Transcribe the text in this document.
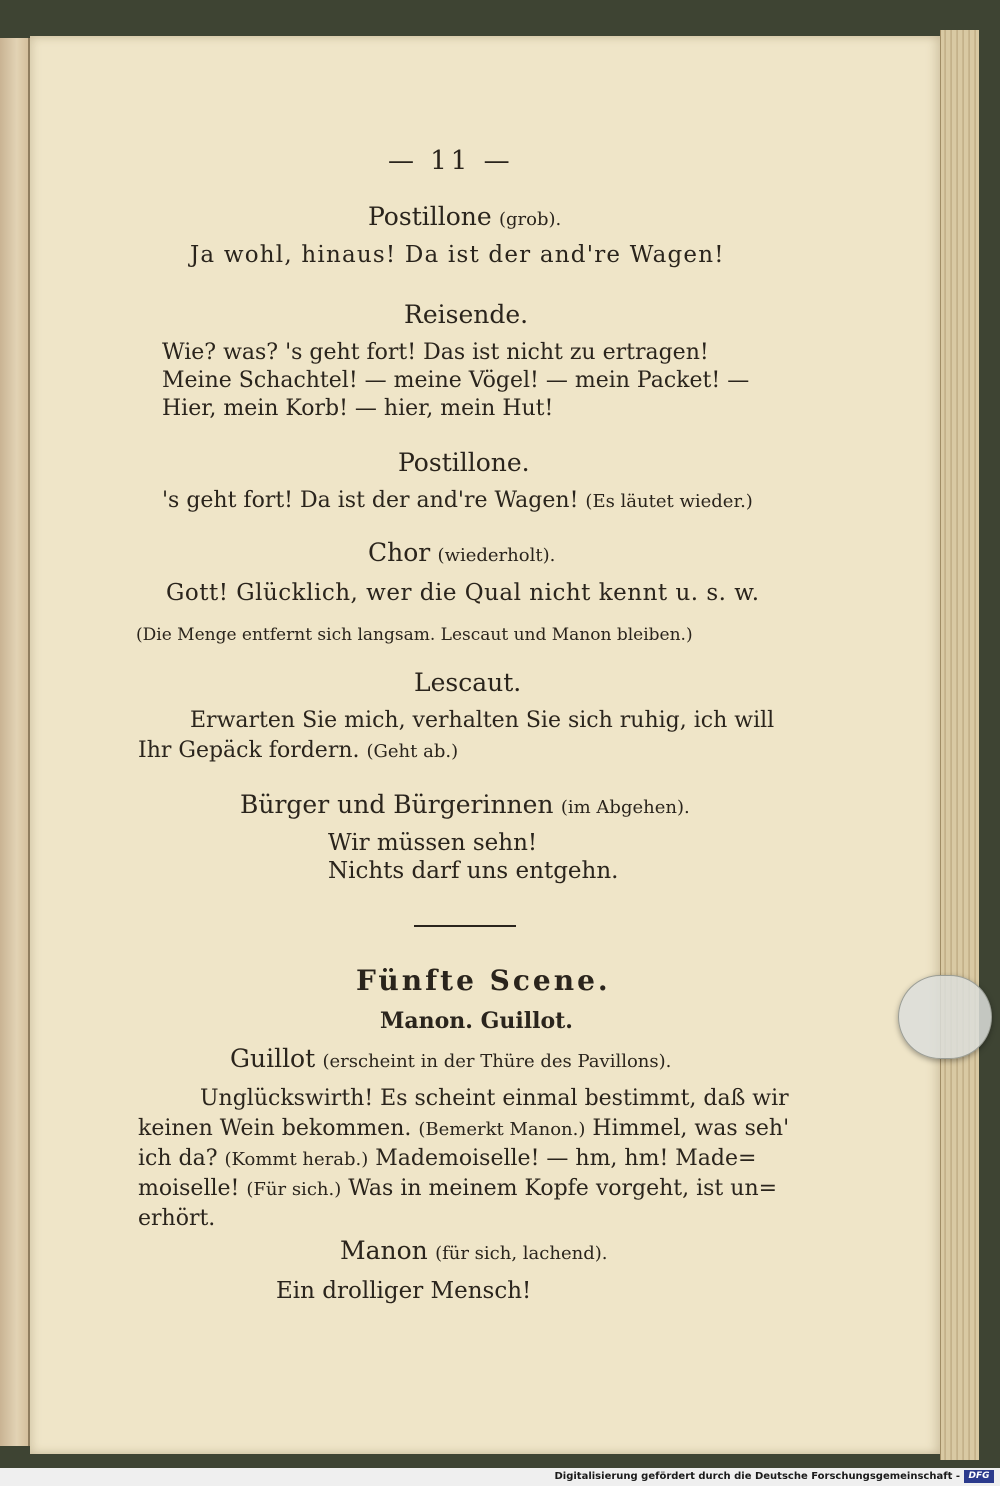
— 11 —
Postillone (grob).
Ja wohl, hinaus! Da ist der and're Wagen!
Reisende.
Wie? was? 's geht fort! Das ist nicht zu ertragen!
Meine Schachtel! — meine Vögel! — mein Packet! —
Hier, mein Korb! — hier, mein Hut!
Postillone.
's geht fort! Da ist der and're Wagen! (Es läutet wieder.)
Chor (wiederholt).
Gott! Glücklich, wer die Qual nicht kennt u. s. w.
(Die Menge entfernt sich langsam. Lescaut und Manon bleiben.)
Lescaut.
Erwarten Sie mich, verhalten Sie sich ruhig, ich will
Ihr Gepäck fordern. (Geht ab.)
Bürger und Bürgerinnen (im Abgehen).
Wir müssen sehn!
Nichts darf uns entgehn.
Fünfte Scene.
Manon. Guillot.
Guillot (erscheint in der Thüre des Pavillons).
Unglückswirth! Es scheint einmal bestimmt, daß wir
keinen Wein bekommen. (Bemerkt Manon.) Himmel, was seh'
ich da? (Kommt herab.) Mademoiselle! — hm, hm! Made=
moiselle! (Für sich.) Was in meinem Kopfe vorgeht, ist un=
erhört.
Manon (für sich, lachend).
Ein drolliger Mensch!
Digitalisierung gefördert durch die Deutsche Forschungsgemeinschaft - DFG
